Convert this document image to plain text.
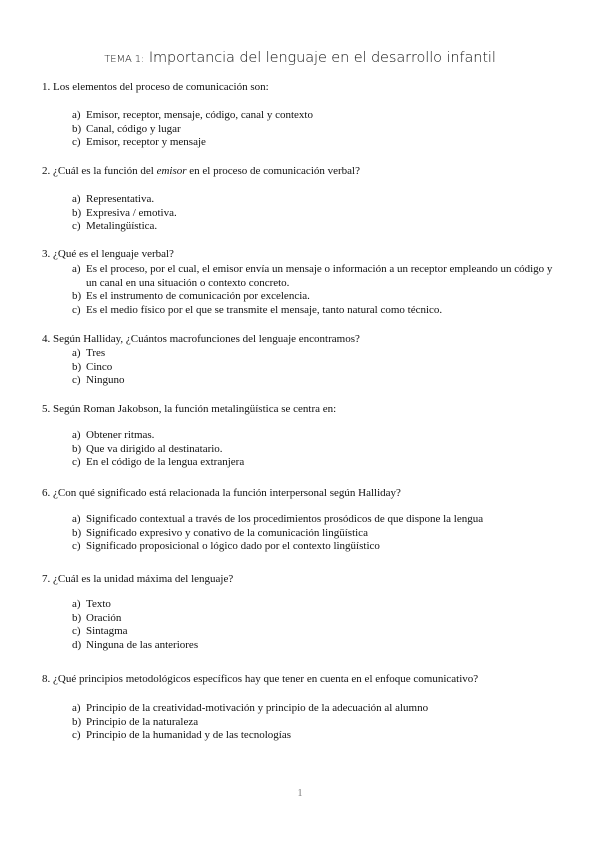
TEMA 1: Importancia del lenguaje en el desarrollo infantil

1. Los elementos del proceso de comunicación son:

a) Emisor, receptor, mensaje, código, canal y contexto
b) Canal, código y lugar
c) Emisor, receptor y mensaje

2. ¿Cuál es la función del emisor en el proceso de comunicación verbal?

a) Representativa.
b) Expresiva / emotiva.
c) Metalingüística.

3. ¿Qué es el lenguaje verbal?

a) Es el proceso, por el cual, el emisor envía un mensaje o información a un receptor empleando un código y un canal en una situación o contexto concreto.
b) Es el instrumento de comunicación por excelencia.
c) Es el medio físico por el que se transmite el mensaje, tanto natural como técnico.

4. Según Halliday, ¿Cuántos macrofunciones del lenguaje encontramos?

a) Tres
b) Cinco
c) Ninguno

5. Según Roman Jakobson, la función metalingüística se centra en:

a) Obtener ritmas.
b) Que va dirigido al destinatario.
c) En el código de la lengua extranjera

6. ¿Con qué significado está relacionada la función interpersonal según Halliday?

a) Significado contextual a través de los procedimientos prosódicos de que dispone la lengua
b) Significado expresivo y conativo de la comunicación lingüística
c) Significado proposicional o lógico dado por el contexto lingüístico

7. ¿Cuál es la unidad máxima del lenguaje?

a) Texto
b) Oración
c) Sintagma
d) Ninguna de las anteriores

8. ¿Qué principios metodológicos específicos hay que tener en cuenta en el enfoque comunicativo?

a) Principio de la creatividad-motivación y principio de la adecuación al alumno
b) Principio de la naturaleza
c) Principio de la humanidad y de las tecnologías
1
